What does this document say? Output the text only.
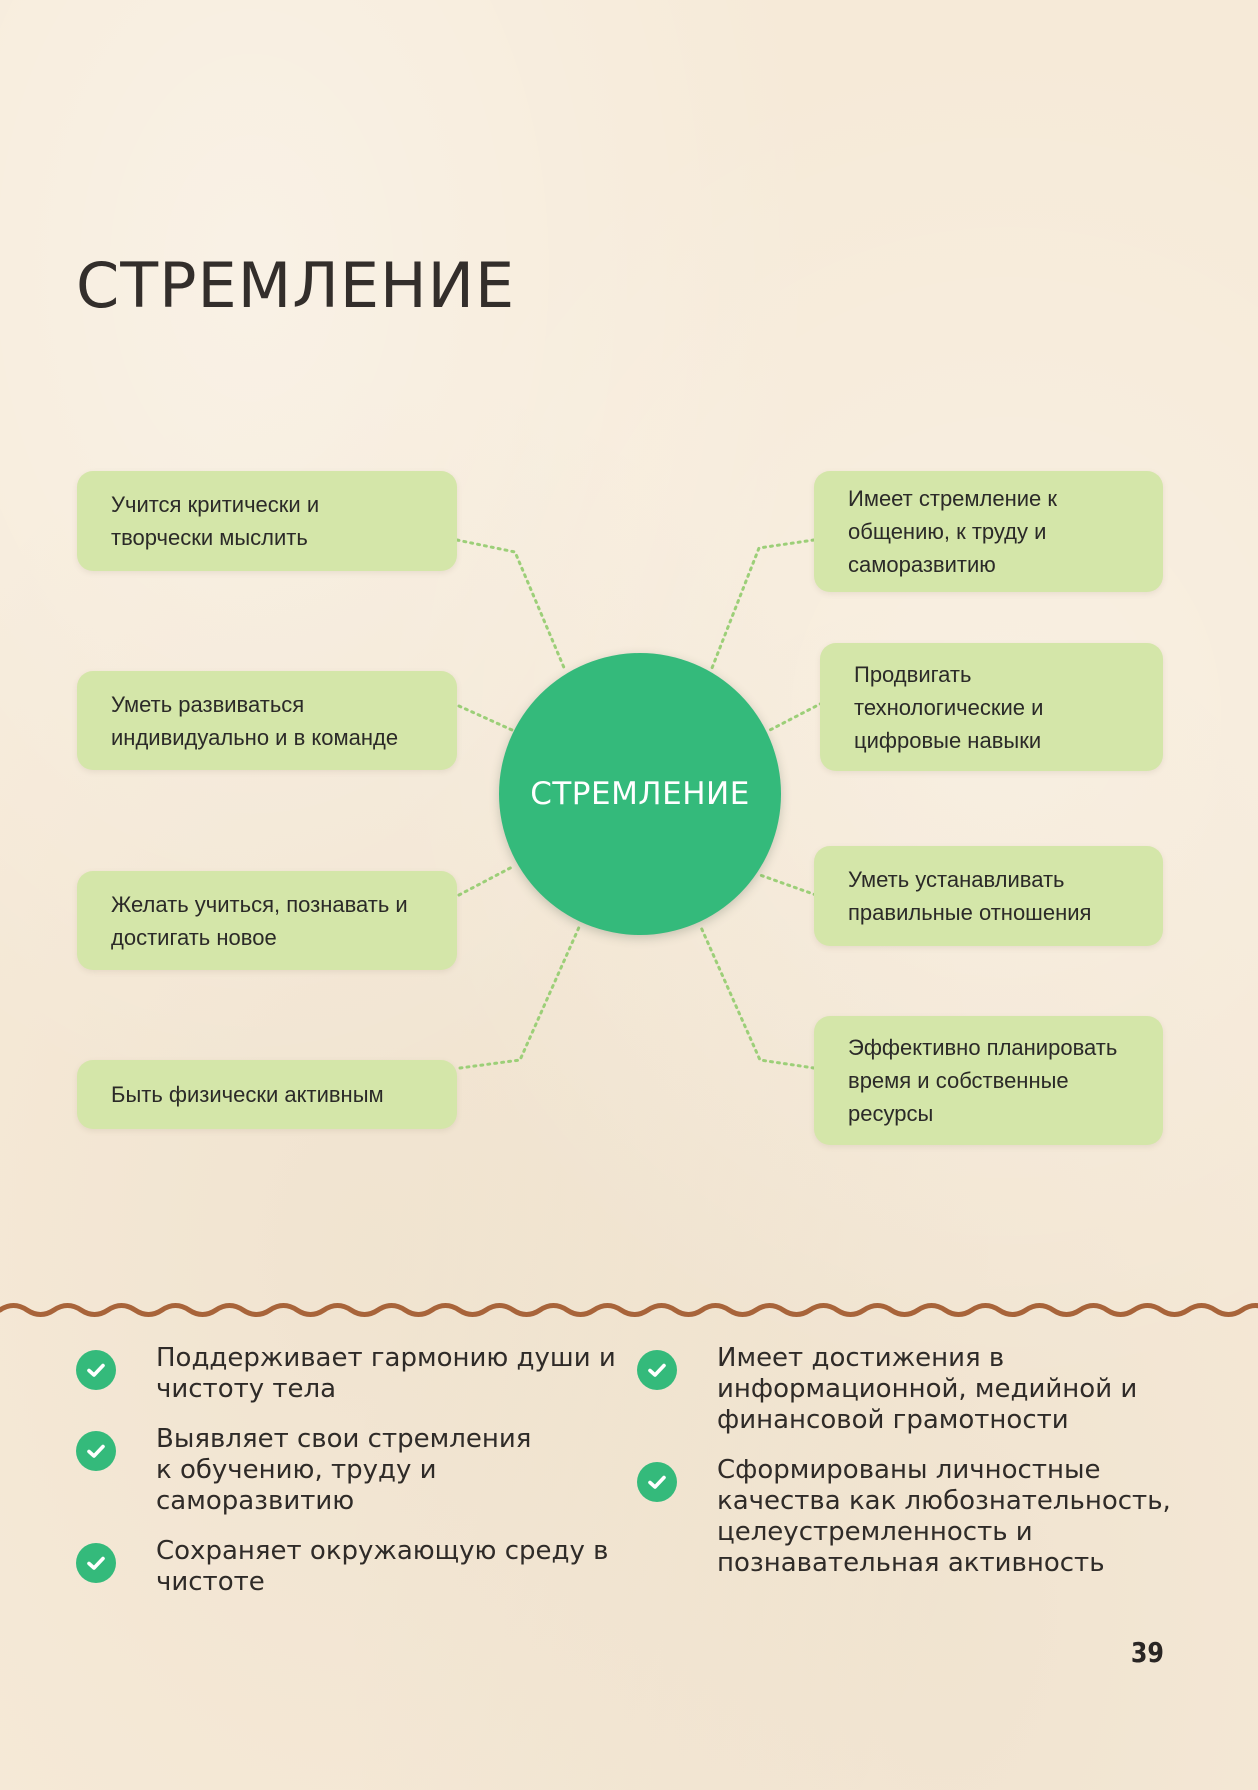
СТРЕМЛЕНИЕ
Учится критически и творчески мыслить
Уметь развиваться индивидуально и в команде
Желать учиться, познавать и достигать новое
Быть физически активным
СТРЕМЛЕНИЕ
Имеет стремление к общению, к труду и саморазвитию
Продвигать технологические и цифровые навыки
Уметь устанавливать правильные отношения
Эффективно планировать время и собственные ресурсы
Поддерживает гармонию души и чистоту тела
Выявляет свои стремления к обучению, труду и саморазвитию
Сохраняет окружающую среду в чистоте
Имеет достижения в информационной, медийной и финансовой грамотности
Сформированы личностные качества как любознательность, целеустремленность и познавательная активность
39
